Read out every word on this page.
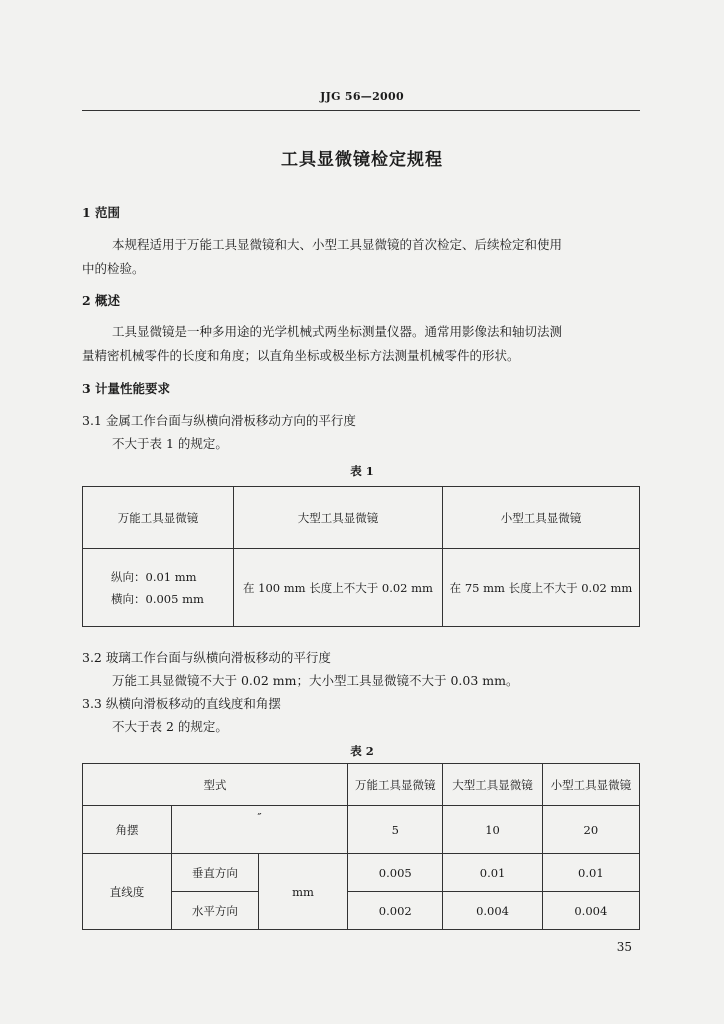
JJG 56—2000
工具显微镜检定规程
1 范围
本规程适用于万能工具显微镜和大、小型工具显微镜的首次检定、后续检定和使用
中的检验。
2 概述
工具显微镜是一种多用途的光学机械式两坐标测量仪器。通常用影像法和轴切法测
量精密机械零件的长度和角度；以直角坐标或极坐标方法测量机械零件的形状。
3 计量性能要求
3.1 金属工作台面与纵横向滑板移动方向的平行度
不大于表 1 的规定。
表 1
万能工具显微镜	大型工具显微镜	小型工具显微镜

纵向：0.01 mm
横向：0.005 mm	在 100 mm 长度上不大于 0.02 mm	在 75 mm 长度上不大于 0.02 mm
3.2 玻璃工作台面与纵横向滑板移动的平行度
万能工具显微镜不大于 0.02 mm；大小型工具显微镜不大于 0.03 mm。
3.3 纵横向滑板移动的直线度和角摆
不大于表 2 的规定。
表 2
型式			万能工具显微镜	大型工具显微镜	小型工具显微镜
角摆	″		5	10	20
直线度	垂直方向	mm	0.005	0.01	0.01
	水平方向		0.002	0.004	0.004
35
